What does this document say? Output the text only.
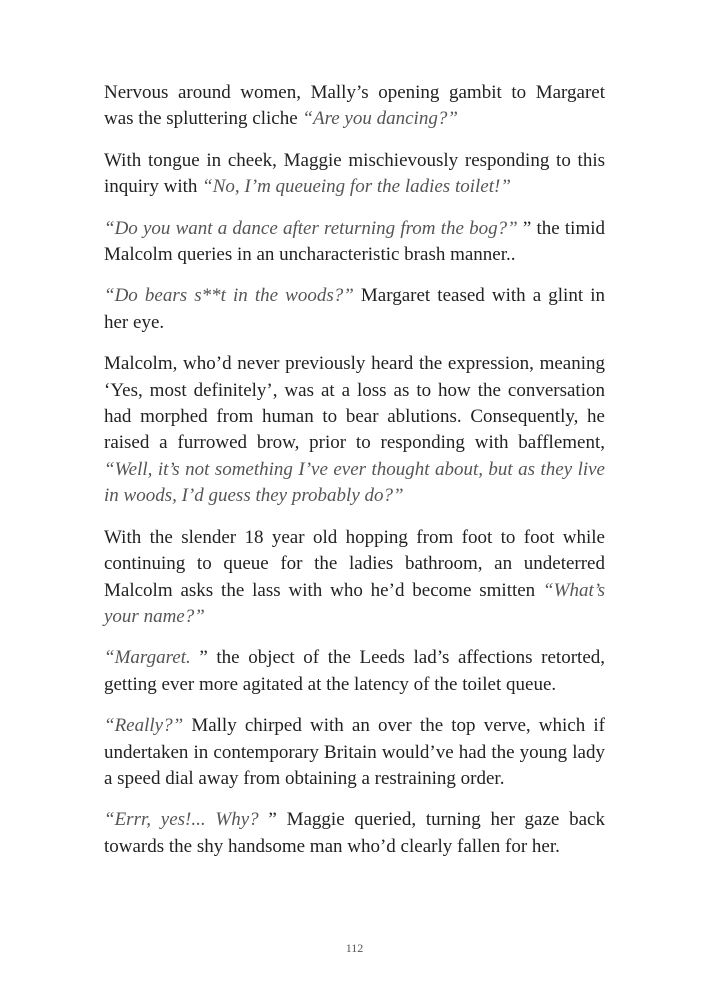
Nervous around women, Mally’s opening gambit to Margaret was the spluttering cliche “Are you dancing?”

With tongue in cheek, Maggie mischievously responding to this inquiry with “No, I’m queueing for the ladies toilet!”

“Do you want a dance after returning from the bog?” ” the timid Malcolm queries in an uncharacteristic brash manner..

“Do bears s**t in the woods?” Margaret teased with a glint in her eye.

Malcolm, who’d never previously heard the expression, meaning ‘Yes, most definitely’, was at a loss as to how the conversation had morphed from human to bear ablutions. Consequently, he raised a furrowed brow, prior to responding with bafflement, “Well, it’s not something I’ve ever thought about, but as they live in woods, I’d guess they probably do?”

With the slender 18 year old hopping from foot to foot while continuing to queue for the ladies bathroom, an undeterred Malcolm asks the lass with who he’d become smitten “What’s your name?”

“Margaret. ” the object of the Leeds lad’s affections retorted, getting ever more agitated at the latency of the toilet queue.

“Really?” Mally chirped with an over the top verve, which if undertaken in contemporary Britain would’ve had the young lady a speed dial away from obtaining a restraining order.

“Errr, yes!... Why? ” Maggie queried, turning her gaze back towards the shy handsome man who’d clearly fallen for her.

112
